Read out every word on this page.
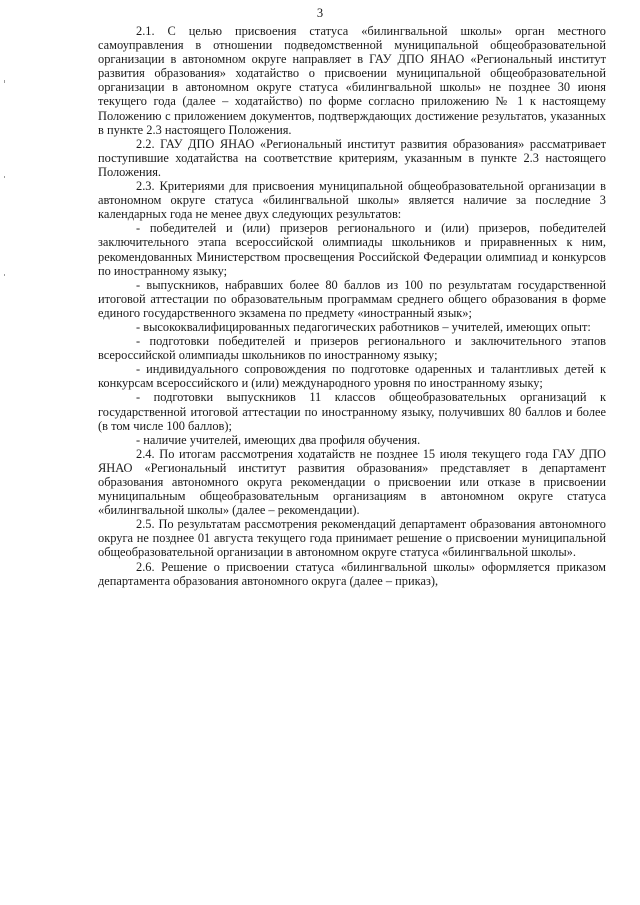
3

2.1. С целью присвоения статуса «билингвальной школы» орган местного самоуправления в отношении подведомственной муниципальной общеобразовательной организации в автономном округе направляет в ГАУ ДПО ЯНАО «Региональный институт развития образования» ходатайство о присвоении муниципальной общеобразовательной организации в автономном округе статуса «билингвальной школы» не позднее 30 июня текущего года (далее – ходатайство) по форме согласно приложению № 1 к настоящему Положению с приложением документов, подтверждающих достижение результатов, указанных в пункте 2.3 настоящего Положения.

2.2. ГАУ ДПО ЯНАО «Региональный институт развития образования» рассматривает поступившие ходатайства на соответствие критериям, указанным в пункте 2.3 настоящего Положения.

2.3. Критериями для присвоения муниципальной общеобразовательной организации в автономном округе статуса «билингвальной школы» является наличие за последние 3 календарных года не менее двух следующих результатов:

- победителей и (или) призеров регионального и (или) призеров, победителей заключительного этапа всероссийской олимпиады школьников и приравненных к ним, рекомендованных Министерством просвещения Российской Федерации олимпиад и конкурсов по иностранному языку;

- выпускников, набравших более 80 баллов из 100 по результатам государственной итоговой аттестации по образовательным программам среднего общего образования в форме единого государственного экзамена по предмету «иностранный язык»;

- высококвалифицированных педагогических работников – учителей, имеющих опыт:

- подготовки победителей и призеров регионального и заключительного этапов всероссийской олимпиады школьников по иностранному языку;

- индивидуального сопровождения по подготовке одаренных и талантливых детей к конкурсам всероссийского и (или) международного уровня по иностранному языку;

- подготовки выпускников 11 классов общеобразовательных организаций к государственной итоговой аттестации по иностранному языку, получивших 80 баллов и более (в том числе 100 баллов);

- наличие учителей, имеющих два профиля обучения.

2.4. По итогам рассмотрения ходатайств не позднее 15 июля текущего года ГАУ ДПО ЯНАО «Региональный институт развития образования» представляет в департамент образования автономного округа рекомендации о присвоении или отказе в присвоении муниципальным общеобразовательным организациям в автономном округе статуса «билингвальной школы» (далее – рекомендации).

2.5. По результатам рассмотрения рекомендаций департамент образования автономного округа не позднее 01 августа текущего года принимает решение о присвоении муниципальной общеобразовательной организации в автономном округе статуса «билингвальной школы».

2.6. Решение о присвоении статуса «билингвальной школы» оформляется приказом департамента образования автономного округа (далее – приказ),
